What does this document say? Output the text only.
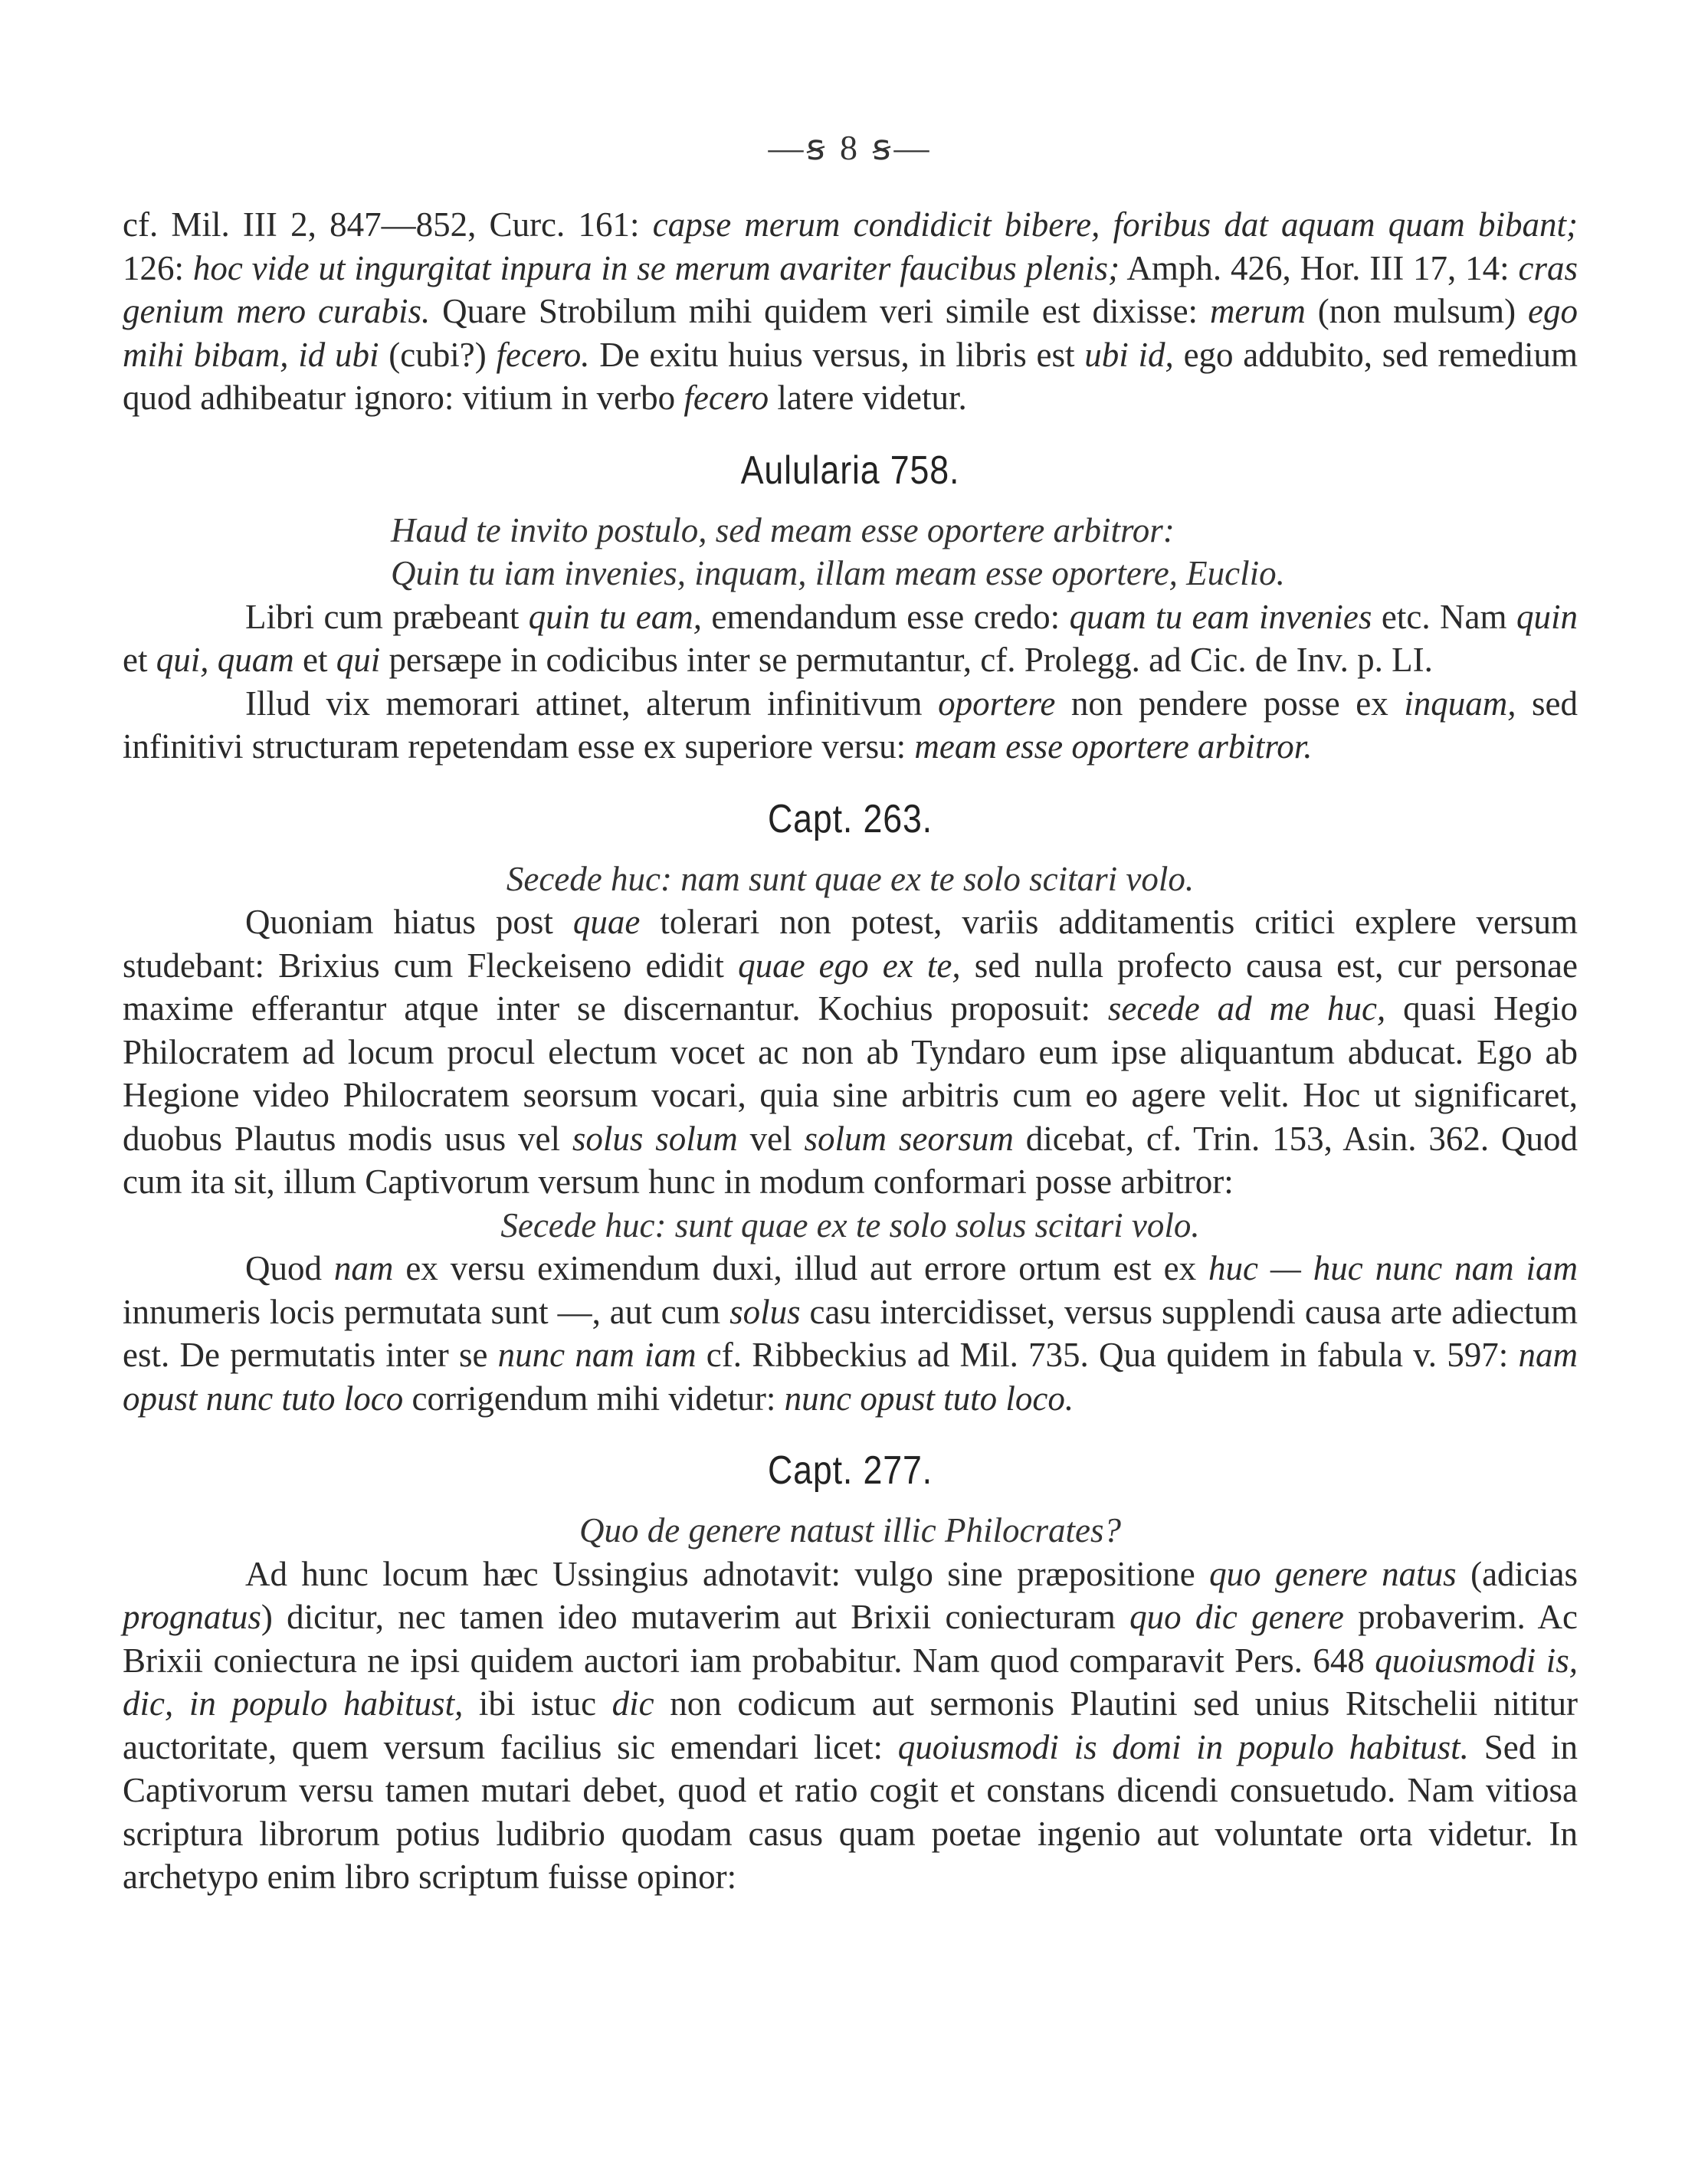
—ꞩ 8 ꞩ—

cf. Mil. III 2, 847—852, Curc. 161: capse merum condidicit bibere, foribus dat aquam quam bibant; 126: hoc vide ut ingurgitat inpura in se merum avariter faucibus plenis; Amph. 426, Hor. III 17, 14: cras genium mero curabis. Quare Strobilum mihi quidem veri simile est dixisse: merum (non mulsum) ego mihi bibam, id ubi (cubi?) fecero. De exitu huius versus, in libris est ubi id, ego addubito, sed remedium quod adhibeatur ignoro: vitium in verbo fecero latere videtur.

Aulularia 758.
Haud te invito postulo, sed meam esse oportere arbitror:
Quin tu iam invenies, inquam, illam meam esse oportere, Euclio.

Libri cum præbeant quin tu eam, emendandum esse credo: quam tu eam invenies etc. Nam quin et qui, quam et qui persæpe in codicibus inter se permutantur, cf. Prolegg. ad Cic. de Inv. p. LI.

Illud vix memorari attinet, alterum infinitivum oportere non pendere posse ex inquam, sed infinitivi structuram repetendam esse ex superiore versu: meam esse oportere arbitror.

Capt. 263.
Secede huc: nam sunt quae ex te solo scitari volo.

Quoniam hiatus post quae tolerari non potest, variis additamentis critici explere versum studebant: Brixius cum Fleckeiseno edidit quae ego ex te, sed nulla profecto causa est, cur personae maxime efferantur atque inter se discernantur. Kochius proposuit: secede ad me huc, quasi Hegio Philocratem ad locum procul electum vocet ac non ab Tyndaro eum ipse aliquantum abducat. Ego ab Hegione video Philocratem seorsum vocari, quia sine arbitris cum eo agere velit. Hoc ut significaret, duobus Plautus modis usus vel solus solum vel solum seorsum dicebat, cf. Trin. 153, Asin. 362. Quod cum ita sit, illum Captivorum versum hunc in modum conformari posse arbitror:

Secede huc: sunt quae ex te solo solus scitari volo.

Quod nam ex versu eximendum duxi, illud aut errore ortum est ex huc — huc nunc nam iam innumeris locis permutata sunt —, aut cum solus casu intercidisset, versus supplendi causa arte adiectum est. De permutatis inter se nunc nam iam cf. Ribbeckius ad Mil. 735. Qua quidem in fabula v. 597: nam opust nunc tuto loco corrigendum mihi videtur: nunc opust tuto loco.

Capt. 277.
Quo de genere natust illic Philocrates?

Ad hunc locum hæc Ussingius adnotavit: vulgo sine præpositione quo genere natus (adicias prognatus) dicitur, nec tamen ideo mutaverim aut Brixii coniecturam quo dic genere probaverim. Ac Brixii coniectura ne ipsi quidem auctori iam probabitur. Nam quod comparavit Pers. 648 quoiusmodi is, dic, in populo habitust, ibi istuc dic non codicum aut sermonis Plautini sed unius Ritschelii nititur auctoritate, quem versum facilius sic emendari licet: quoiusmodi is domi in populo habitust. Sed in Captivorum versu tamen mutari debet, quod et ratio cogit et constans dicendi consuetudo. Nam vitiosa scriptura librorum potius ludibrio quodam casus quam poetae ingenio aut voluntate orta videtur. In archetypo enim libro scriptum fuisse opinor:
